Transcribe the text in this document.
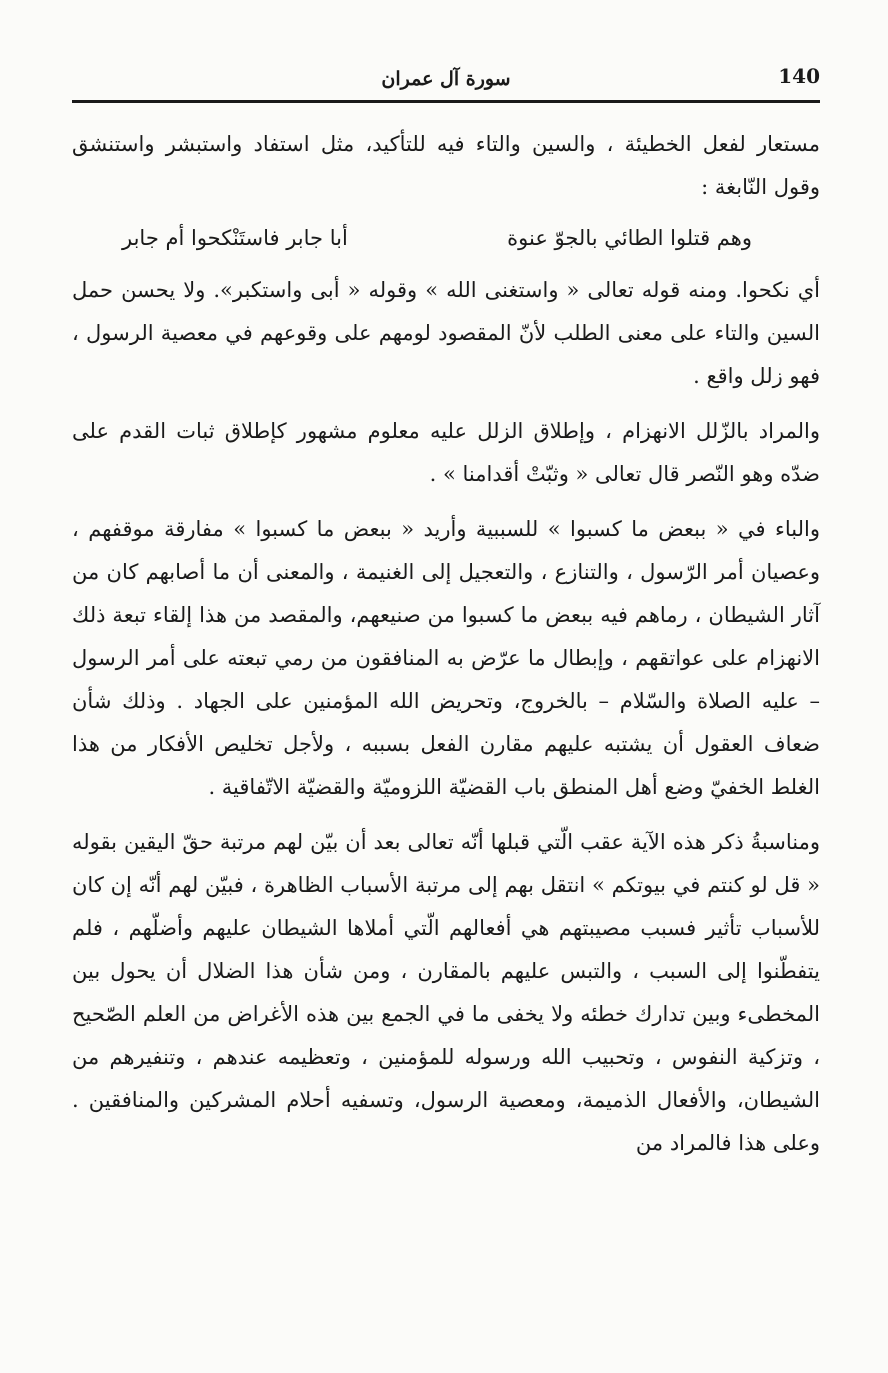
140
سورة آل عمران

مستعار لفعل الخطيئة ، والسين والتاء فيه للتأكيد، مثل استفاد واستبشر واستنشق وقول النّابغة :

وهم قتلوا الطائي بالجوّ عنوة
أبا جابر فاستَنْكحوا أم جابر

أي نكحوا. ومنه قوله تعالى « واستغنى الله » وقوله « أبى واستكبر». ولا يحسن حمل السين والتاء على معنى الطلب لأنّ المقصود لومهم على وقوعهم في معصية الرسول ، فهو زلل واقع .

والمراد بالزّلل الانهزام ، وإطلاق الزلل عليه معلوم مشهور كإطلاق ثبات القدم على ضدّه وهو النّصر قال تعالى « وثبّتْ أقدامنا » .

والباء في « ببعض ما كسبوا » للسببية وأريد « ببعض ما كسبوا » مفارقة موقفهم ، وعصيان أمر الرّسول ، والتنازع ، والتعجيل إلى الغنيمة ، والمعنى أن ما أصابهم كان من آثار الشيطان ، رماهم فيه ببعض ما كسبوا من صنيعهم، والمقصد من هذا إلقاء تبعة ذلك الانهزام على عواتقهم ، وإبطال ما عرّض به المنافقون من رمي تبعته على أمر الرسول – عليه الصلاة والسّلام – بالخروج، وتحريض الله المؤمنين على الجهاد . وذلك شأن ضعاف العقول أن يشتبه عليهم مقارن الفعل بسببه ، ولأجل تخليص الأفكار من هذا الغلط الخفيّ وضع أهل المنطق باب القضيّة اللزوميّة والقضيّة الاتّفاقية .

ومناسبةُ ذكر هذه الآية عقب الّتي قبلها أنّه تعالى بعد أن بيّن لهم مرتبة حقّ اليقين بقوله « قل لو كنتم في بيوتكم » انتقل بهم إلى مرتبة الأسباب الظاهرة ، فبيّن لهم أنّه إن كان للأسباب تأثير فسبب مصيبتهم هي أفعالهم الّتي أملاها الشيطان عليهم وأضلّهم ، فلم يتفطّنوا إلى السبب ، والتبس عليهم بالمقارن ، ومن شأن هذا الضلال أن يحول بين المخطىء وبين تدارك خطئه ولا يخفى ما في الجمع بين هذه الأغراض من العلم الصّحيح ، وتزكية النفوس ، وتحبيب الله ورسوله للمؤمنين ، وتعظيمه عندهم ، وتنفيرهم من الشيطان، والأفعال الذميمة، ومعصية الرسول، وتسفيه أحلام المشركين والمنافقين . وعلى هذا فالمراد من
